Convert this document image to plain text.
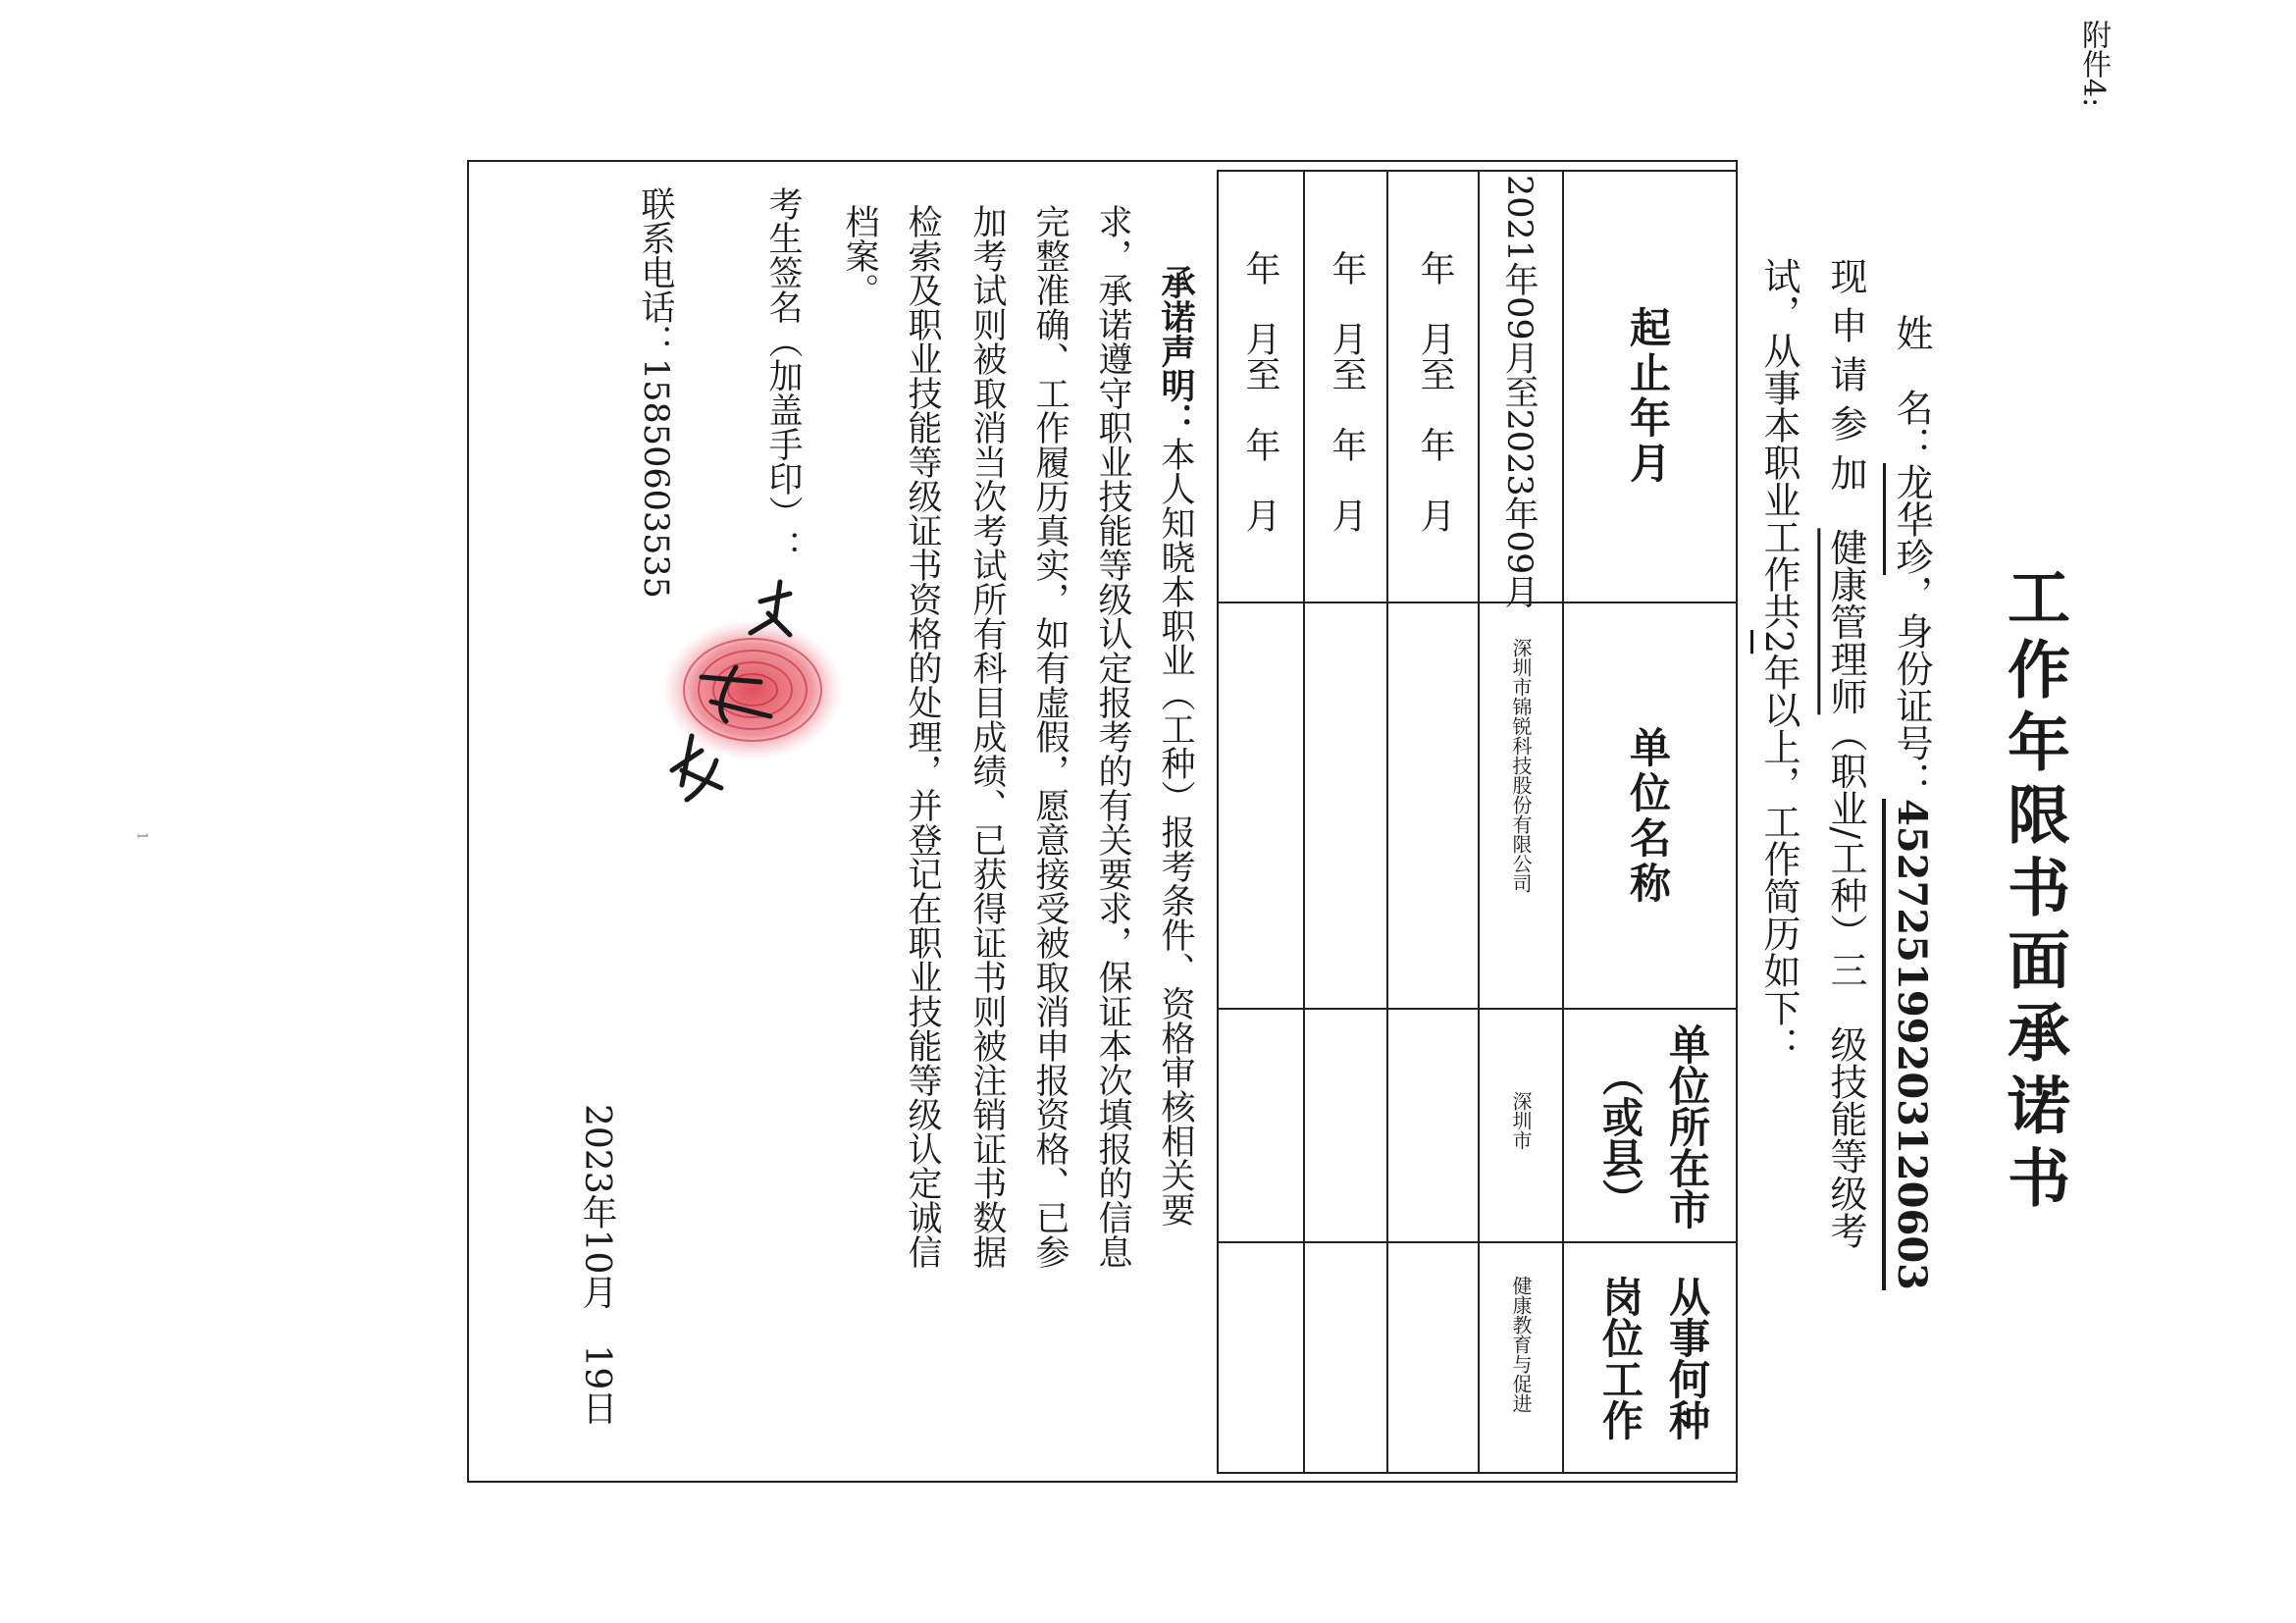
附件4:
工作年限书面承诺书
姓　名：龙华珍，身份证号：452725199203120603
现 申 请 参 加　健康管理师（职业/工种）三　级技能等级考
试，从事本职业工作共2年以上，工作简历如下：
起止年月
单位名称
单位所在市
（或县）
从事何种
岗位工作
2021年09月至2023年09月
深圳市锦锐科技股份有限公司
深圳市
健康教育与促进
年　月至　年　月
年　月至　年　月
年　月至　年　月
承诺声明：本人知晓本职业（工种）报考条件、资格审核相关要
求，承诺遵守职业技能等级认定报考的有关要求，保证本次填报的信息
完整准确、工作履历真实，如有虚假，愿意接受被取消申报资格、已参
加考试则被取消当次考试所有科目成绩、已获得证书则被注销证书数据
检索及职业技能等级证书资格的处理，并登记在职业技能等级认定诚信
档案。
考生签名（加盖手印）：
2023年10月　19日
联系电话：15850603535
1
